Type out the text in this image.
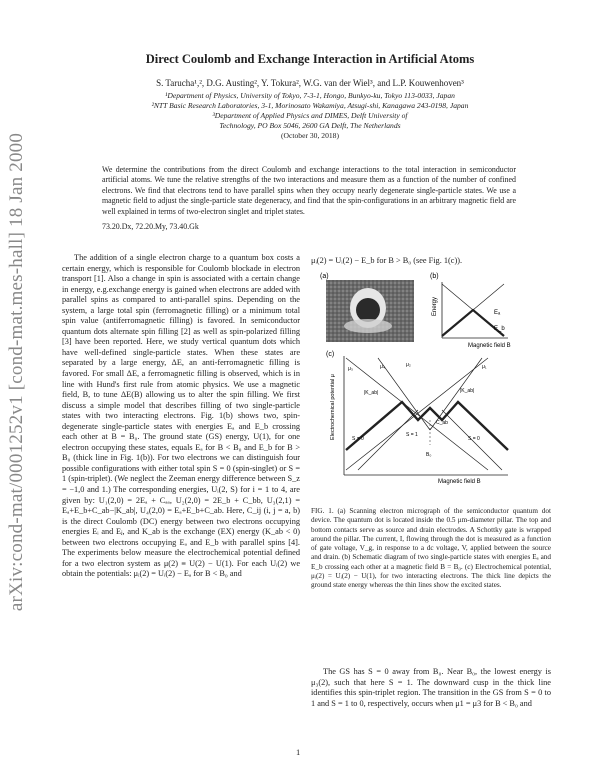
arXiv:cond-mat/0001252v1 [cond-mat.mes-hall] 18 Jan 2000
Direct Coulomb and Exchange Interaction in Artificial Atoms
S. Tarucha¹,², D.G. Austing², Y. Tokura², W.G. van der Wiel³, and L.P. Kouwenhoven³
¹Department of Physics, University of Tokyo, 7-3-1, Hongo, Bunkyo-ku, Tokyo 113-0033, Japan
²NTT Basic Research Laboratories, 3-1, Morinosato Wakamiya, Atsugi-shi, Kanagawa 243-0198, Japan
³Department of Applied Physics and DIMES, Delft University of
Technology, PO Box 5046, 2600 GA Delft, The Netherlands
(October 30, 2018)
We determine the contributions from the direct Coulomb and exchange interactions to the total interaction in semiconductor artificial atoms. We tune the relative strengths of the two interactions and measure them as a function of the number of confined electrons. We find that electrons tend to have parallel spins when they occupy nearly degenerate single-particle states. We use a magnetic field to adjust the single-particle state degeneracy, and find that the spin-configurations in an arbitrary magnetic field are well explained in terms of two-electron singlet and triplet states.
73.20.Dx, 72.20.My, 73.40.Gk

The addition of a single electron charge to a quantum box costs a certain energy, which is responsible for Coulomb blockade in electron transport [1]. Also a change in spin is associated with a certain change in energy, e.g.exchange energy is gained when electrons are added with parallel spins as compared to anti-parallel spins. Depending on the system, a large total spin (ferromagnetic filling) or a minimum total spin value (antiferromagnetic filling) is favored. In semiconductor quantum dots alternate spin filling [2] as well as spin-polarized filling [3] have been reported. Here, we study vertical quantum dots which have well-defined single-particle states. When these states are separated by a large energy, ΔE, an anti-ferromagnetic filling is favored. For small ΔE, a ferromagnetic filling is observed, which is in line with Hund's first rule from atomic physics. We use a magnetic field, B, to tune ΔE(B) allowing us to alter the spin filling. We first discuss a simple model that describes filling of two single-particle states with two interacting electrons. Fig. 1(b) shows two, spin-degenerate single-particle states with energies Eₐ and E_b crossing each other at B = B₀. The ground state (GS) energy, U(1), for one electron occupying these states, equals Eₐ for B < B₀ and E_b for B > B₀ (thick line in Fig. 1(b)). For two electrons we can distinguish four possible configurations with either total spin S = 0 (spin-singlet) or S = 1 (spin-triplet). (We neglect the Zeeman energy difference between S_z = −1,0 and 1.) The corresponding energies, Uᵢ(2, S) for i = 1 to 4, are given by: U₁(2,0) = 2Eₐ + Cₐₐ, U₂(2,0) = 2E_b + C_bb, U₃(2,1) = Eₐ+E_b+C_ab−|K_ab|, U₄(2,0) = Eₐ+E_b+C_ab. Here, C_ij (i, j = a, b) is the direct Coulomb (DC) energy between two electrons occupying energies Eᵢ and Eⱼ, and K_ab is the exchange (EX) energy (K_ab < 0) between two electrons occupying Eₐ and E_b with parallel spins [4]. The experiments below measure the electrochemical potential defined for a two electron system as μ(2) ≡ U(2) − U(1). For each Uᵢ(2) we obtain the potentials: μᵢ(2) = Uᵢ(2) − Eₐ for B < B₀ and

μᵢ(2) = Uᵢ(2) − E_b for B > B₀ (see Fig. 1(c)).
(a)	(b)
Energy	Eₐ
E_b
Magnetic field B
(c)
Electrochemical potential μ
μ₃	μ₄	μ₂	μ₁
|K_ab|	|K_ab|
C_ab
S = 0
S = 1
S = 0
B₀
Magnetic field B
FIG. 1. (a) Scanning electron micrograph of the semiconductor quantum dot device. The quantum dot is located inside the 0.5 μm-diameter pillar. The top and bottom contacts serve as source and drain electrodes. A Schottky gate is wrapped around the pillar. The current, I, flowing through the dot is measured as a function of gate voltage, V_g, in response to a dc voltage, V, applied between the source and drain. (b) Schematic diagram of two single-particle states with energies Eₐ and E_b crossing each other at a magnetic field B = B₀. (c) Electrochemical potential, μᵢ(2) = Uᵢ(2) − U(1), for two interacting electrons. The thick line depicts the ground state energy whereas the thin lines show the excited states.

The GS has S = 0 away from B₀. Near B₀, the lowest energy is μ₃(2), such that here S = 1. The downward cusp in the thick line identifies this spin-triplet region. The transition in the GS from S = 0 to 1 and S = 1 to 0, respectively, occurs when μ1 = μ3 for B < B₀ and

1
